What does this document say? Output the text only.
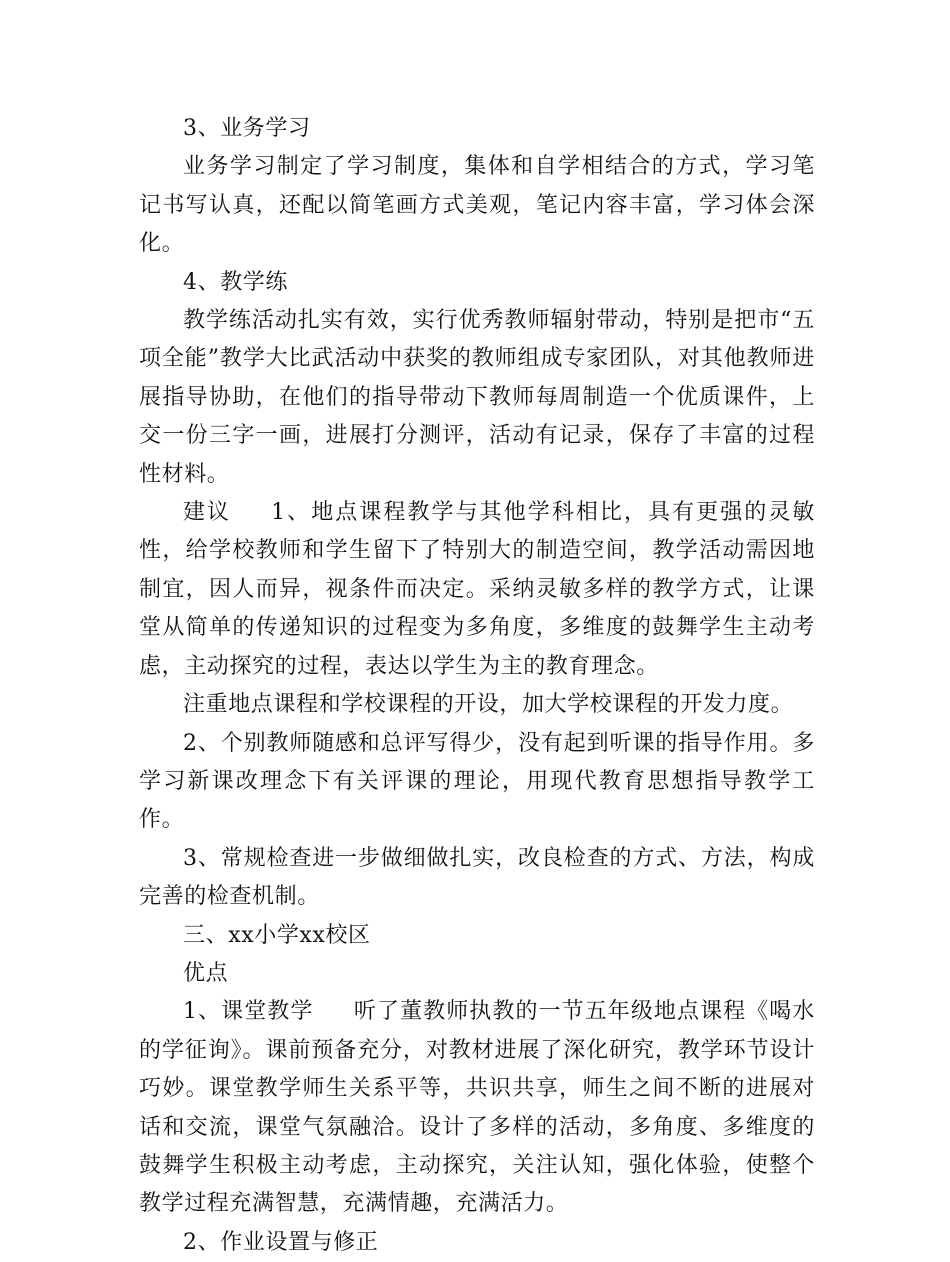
3、业务学习

业务学习制定了学习制度，集体和自学相结合的方式，学习笔记书写认真，还配以简笔画方式美观，笔记内容丰富，学习体会深化。

4、教学练

教学练活动扎实有效，实行优秀教师辐射带动，特别是把市“五项全能”教学大比武活动中获奖的教师组成专家团队，对其他教师进展指导协助，在他们的指导带动下教师每周制造一个优质课件，上交一份三字一画，进展打分测评，活动有记录，保存了丰富的过程性材料。

建议 1、地点课程教学与其他学科相比，具有更强的灵敏性，给学校教师和学生留下了特别大的制造空间，教学活动需因地制宜，因人而异，视条件而决定。采纳灵敏多样的教学方式，让课堂从简单的传递知识的过程变为多角度，多维度的鼓舞学生主动考虑，主动探究的过程，表达以学生为主的教育理念。

注重地点课程和学校课程的开设，加大学校课程的开发力度。

2、个别教师随感和总评写得少，没有起到听课的指导作用。多学习新课改理念下有关评课的理论，用现代教育思想指导教学工作。

3、常规检查进一步做细做扎实，改良检查的方式、方法，构成完善的检查机制。

三、xx小学xx校区

优点

1、课堂教学 听了董教师执教的一节五年级地点课程《喝水的学征询》。课前预备充分，对教材进展了深化研究，教学环节设计巧妙。课堂教学师生关系平等，共识共享，师生之间不断的进展对话和交流，课堂气氛融洽。设计了多样的活动，多角度、多维度的鼓舞学生积极主动考虑，主动探究，关注认知，强化体验，使整个教学过程充满智慧，充满情趣，充满活力。

2、作业设置与修正
